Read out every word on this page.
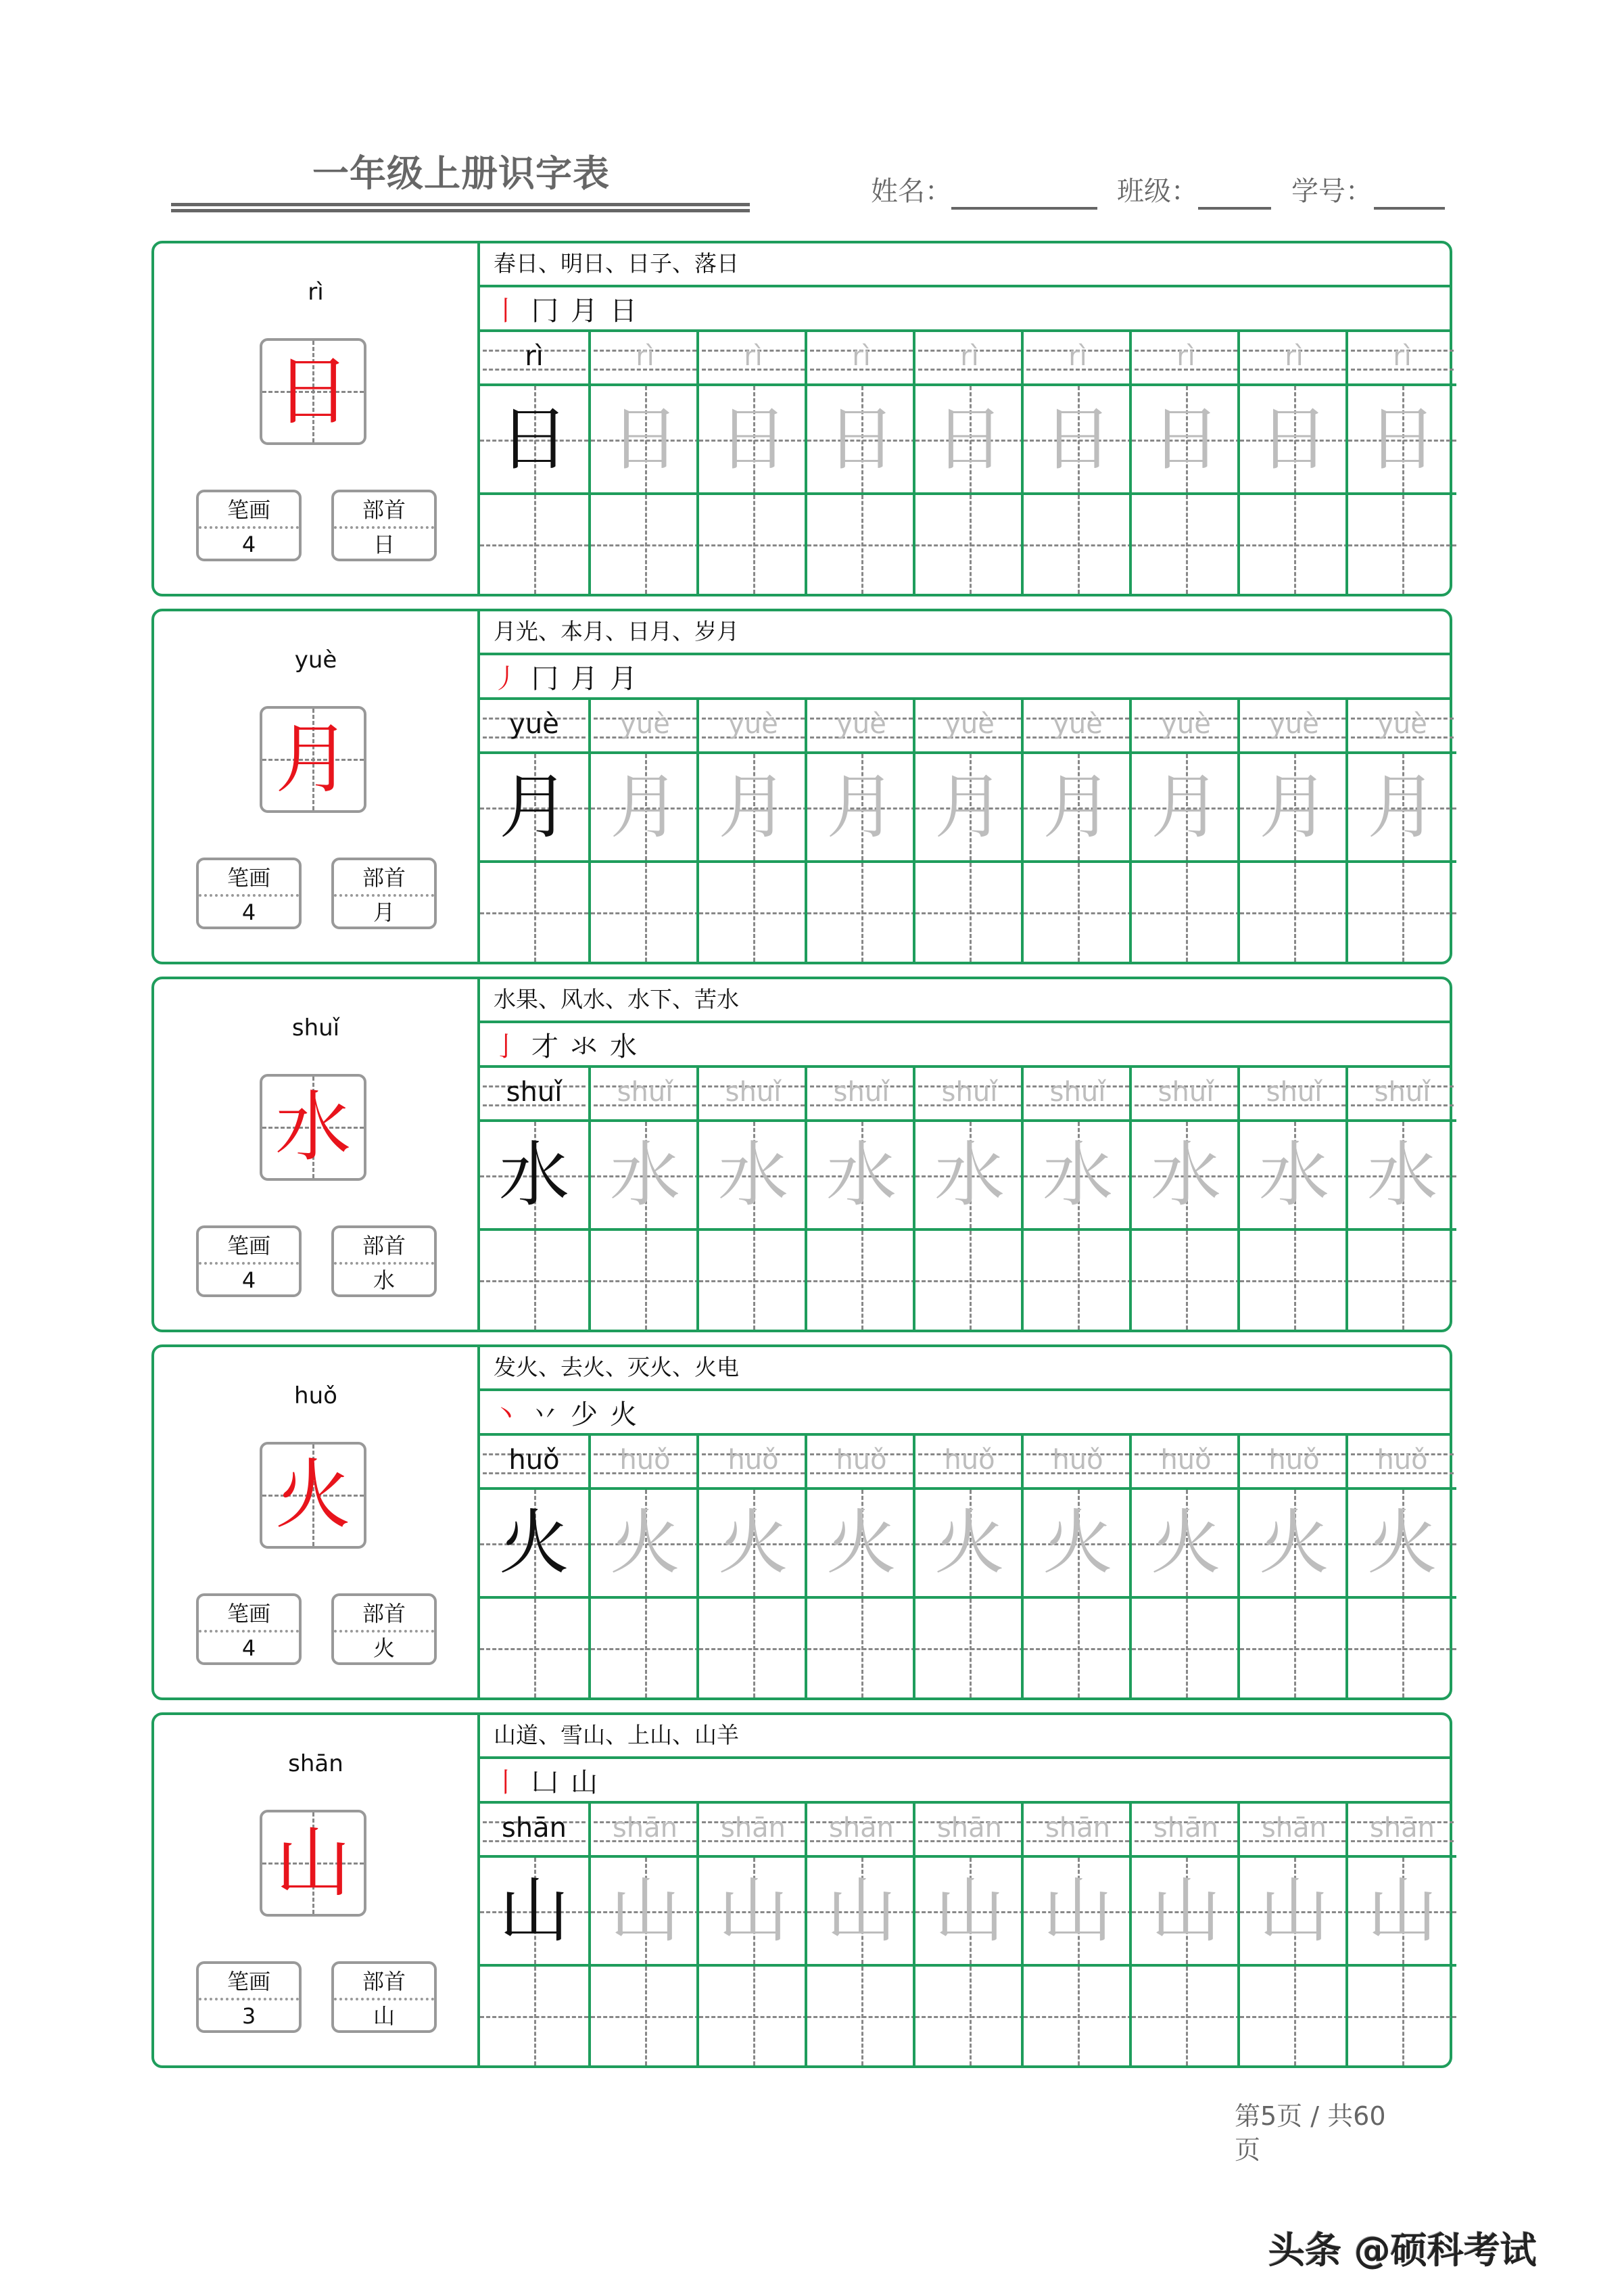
一年级上册识字表	姓名：	班级：	学号：
rì
日
笔画
4
部首
日
春日、明日、日子、落日
丨 冂 月 日
rì
日
rì
日
rì
日
rì
日
rì
日
rì
日
rì
日
rì
日
rì
日
yuè
月
笔画
4
部首
月
月光、本月、日月、岁月
丿 冂 月 月
yuè
月
yuè
月
yuè
月
yuè
月
yuè
月
yuè
月
yuè
月
yuè
月
yuè
月
shuǐ
水
笔画
4
部首
水
水果、风水、水下、苦水
亅 才 氺 水
shuǐ
水
shuǐ
水
shuǐ
水
shuǐ
水
shuǐ
水
shuǐ
水
shuǐ
水
shuǐ
水
shuǐ
水
huǒ
火
笔画
4
部首
火
发火、去火、灭火、火电
丶 丷 少 火
huǒ
火
huǒ
火
huǒ
火
huǒ
火
huǒ
火
huǒ
火
huǒ
火
huǒ
火
huǒ
火
shān
山
笔画
3
部首
山
山道、雪山、上山、山羊
丨 凵 山
shān
山
shān
山
shān
山
shān
山
shān
山
shān
山
shān
山
shān
山
shān
山
第5页 / 共60页
头条 @硕科考试
